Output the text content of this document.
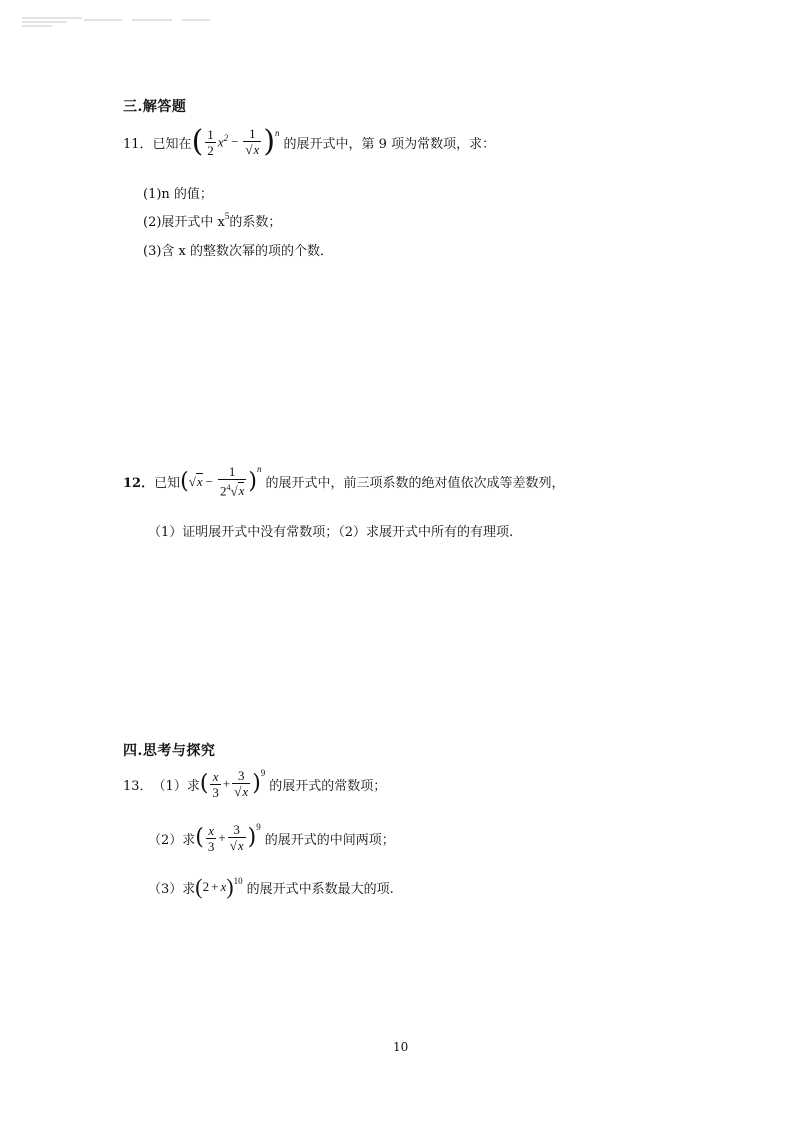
三.解答题
11． 已知在 ( $\frac{1}{2} x^2 - \frac{1}{√x} )^n$
的展开式中，第 9 项为常数项，求：
(1)n 的值；
(2)展开式中 $x^5$ 的系数；
(3)含 x 的整数次幂的项的个数．
12． 已知 ( √ $x - \frac{1}{2^4√x} )^n$
的展开式中，前三项系数的绝对值依次成等差数列，
（1）证明展开式中没有常数项；（2）求展开式中所有的有理项.
四.思考与探究
13． （1）求 ( $\frac{x}{3} + \frac{3}{√x} )^9$
的展开式的常数项；
（2）求 ( $\frac{x}{3} + \frac{3}{√x} )^9$
的展开式的中间两项；
（3）求 ( 2 + x )$^{10}$
的展开式中系数最大的项.
10
